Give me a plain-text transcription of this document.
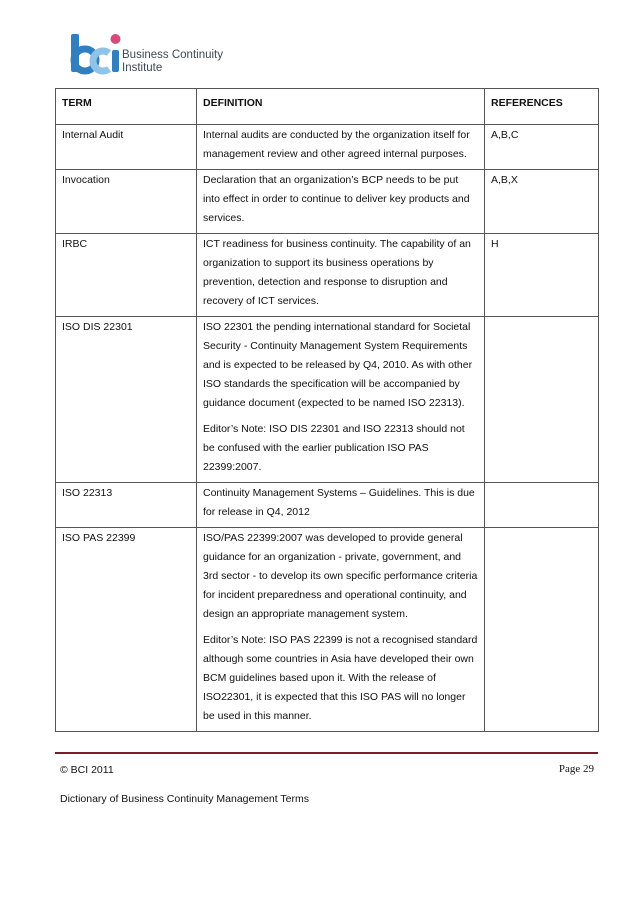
Business Continuity
Institute
TERM	DEFINITION	REFERENCES
Internal Audit	Internal audits are conducted by the organization itself for management review and other agreed internal purposes.	A,B,C
Invocation	Declaration that an organization’s BCP needs to be put into effect in order to continue to deliver key products and services.	A,B,X
IRBC	ICT readiness for business continuity. The capability of an organization to support its business operations by prevention, detection and response to disruption and recovery of ICT services.	H
ISO DIS 22301	ISO 22301 the pending international standard for Societal Security - Continuity Management System Requirements and is expected to be released by Q4, 2010. As with other ISO standards the specification will be accompanied by guidance document (expected to be named ISO 22313).

Editor’s Note: ISO DIS 22301 and ISO 22313 should not be confused with the earlier publication ISO PAS 22399:2007.	

ISO 22313	Continuity Management Systems – Guidelines. This is due for release in Q4, 2012	

ISO PAS 22399	ISO/PAS 22399:2007 was developed to provide general guidance for an organization - private, government, and 3rd sector - to develop its own specific performance criteria for incident preparedness and operational continuity, and design an appropriate management system.

Editor’s Note: ISO PAS 22399 is not a recognised standard although some countries in Asia have developed their own BCM guidelines based upon it. With the release of ISO22301, it is expected that this ISO PAS will no longer be used in this manner.	

© BCI 2011	Page 29
Dictionary of Business Continuity Management Terms
